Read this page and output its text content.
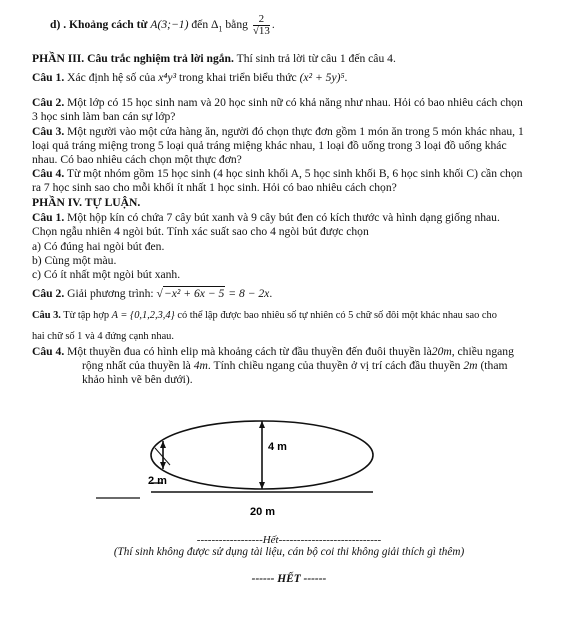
d) . Khoảng cách từ A(3;−1) đến $\Delta_1$ bằng $\frac{2}{√13}$ .
PHẦN III. Câu trắc nghiệm trả lời ngắn. Thí sinh trả lời từ câu 1 đến câu 4.
Câu 1. Xác định hệ số của x⁴y³ trong khai triển biểu thức (x² + 5y)⁵.
Câu 2. Một lớp có 15 học sinh nam và 20 học sinh nữ có khả năng như nhau. Hỏi có bao nhiêu cách chọn
3 học sinh làm ban cán sự lớp?
Câu 3. Một người vào một cửa hàng ăn, người đó chọn thực đơn gồm 1 món ăn trong 5 món khác nhau, 1
loại quả tráng miệng trong 5 loại quả tráng miệng khác nhau, 1 loại đồ uống trong 3 loại đồ uống khác
nhau. Có bao nhiêu cách chọn một thực đơn?
Câu 4. Từ một nhóm gồm 15 học sinh (4 học sinh khối A, 5 học sinh khối B, 6 học sinh khối C) cần chọn
ra 7 học sinh sao cho mỗi khối ít nhất 1 học sinh. Hỏi có bao nhiêu cách chọn?
PHẦN IV. TỰ LUẬN.
Câu 1. Một hộp kín có chứa 7 cây bút xanh và 9 cây bút đen có kích thước và hình dạng giống nhau.
Chọn ngẫu nhiên 4 ngòi bút. Tính xác suất sao cho 4 ngòi bút được chọn
a) Có đúng hai ngòi bút đen.
b) Cùng một màu.
c) Có ít nhất một ngòi bút xanh.
Câu 2. Giải phương trình: √−x² + 6x − 5 = 8 − 2x.
Câu 3. Từ tập hợp A = {0,1,2,3,4} có thể lập được bao nhiêu số tự nhiên có 5 chữ số đôi một khác nhau sao cho
hai chữ số 1 và 4 đứng cạnh nhau.
Câu 4. Một thuyền đua có hình elip mà khoảng cách từ đầu thuyền đến đuôi thuyền là20m, chiều ngang
rộng nhất của thuyền là 4m. Tính chiều ngang của thuyền ở vị trí cách đầu thuyền 2m (tham
khảo hình vẽ bên dưới).
4 m
2 m
20 m
------------------Hết----------------------------
(Thí sinh không được sử dụng tài liệu, cán bộ coi thi không giải thích gì thêm)
------ HẾT ------
